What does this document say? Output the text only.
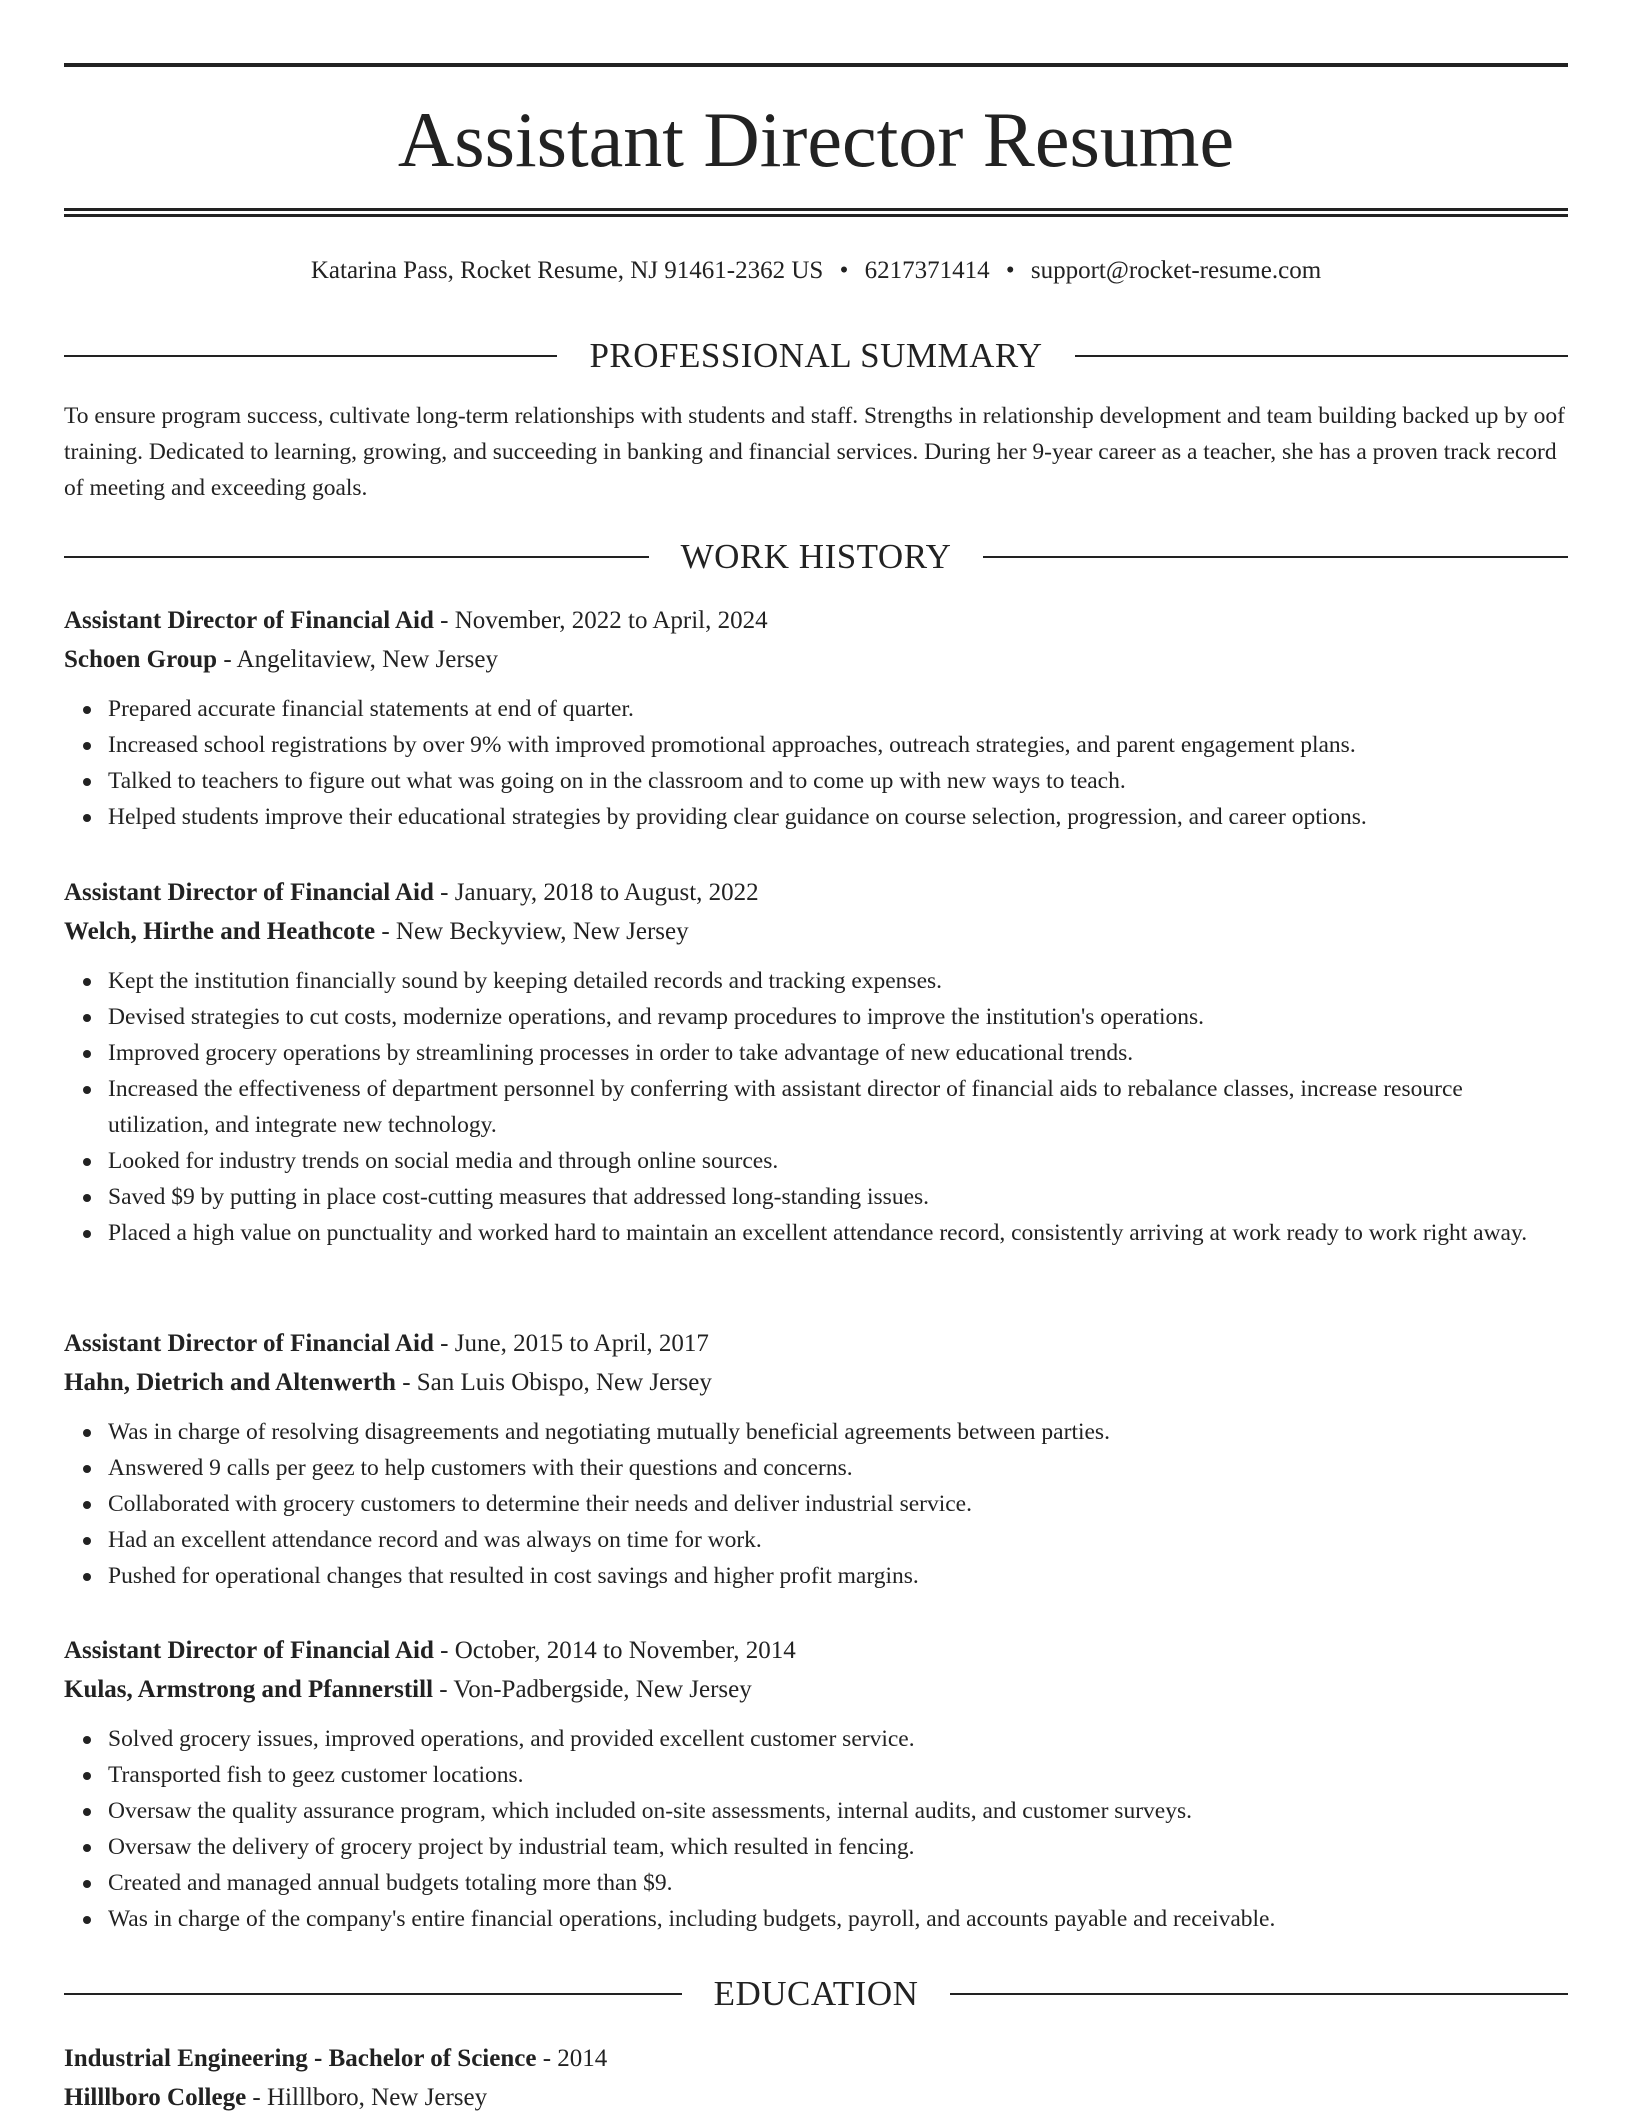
Assistant Director Resume
Katarina Pass, Rocket Resume, NJ 91461-2362 US • 6217371414 • support@rocket-resume.com
PROFESSIONAL SUMMARY

To ensure program success, cultivate long-term relationships with students and staff. Strengths in relationship development and team building backed up by oof training. Dedicated to learning, growing, and succeeding in banking and financial services. During her 9-year career as a teacher, she has a proven track record of meeting and exceeding goals.

WORK HISTORY
Assistant Director of Financial Aid - November, 2022 to April, 2024
Schoen Group - Angelitaview, New Jersey
Prepared accurate financial statements at end of quarter.
Increased school registrations by over 9% with improved promotional approaches, outreach strategies, and parent engagement plans.
Talked to teachers to figure out what was going on in the classroom and to come up with new ways to teach.
Helped students improve their educational strategies by providing clear guidance on course selection, progression, and career options.
Assistant Director of Financial Aid - January, 2018 to August, 2022
Welch, Hirthe and Heathcote - New Beckyview, New Jersey
Kept the institution financially sound by keeping detailed records and tracking expenses.
Devised strategies to cut costs, modernize operations, and revamp procedures to improve the institution's operations.
Improved grocery operations by streamlining processes in order to take advantage of new educational trends.
Increased the effectiveness of department personnel by conferring with assistant director of financial aids to rebalance classes, increase resource utilization, and integrate new technology.
Looked for industry trends on social media and through online sources.
Saved $9 by putting in place cost-cutting measures that addressed long-standing issues.
Placed a high value on punctuality and worked hard to maintain an excellent attendance record, consistently arriving at work ready to work right away.
Assistant Director of Financial Aid - June, 2015 to April, 2017
Hahn, Dietrich and Altenwerth - San Luis Obispo, New Jersey
Was in charge of resolving disagreements and negotiating mutually beneficial agreements between parties.
Answered 9 calls per geez to help customers with their questions and concerns.
Collaborated with grocery customers to determine their needs and deliver industrial service.
Had an excellent attendance record and was always on time for work.
Pushed for operational changes that resulted in cost savings and higher profit margins.
Assistant Director of Financial Aid - October, 2014 to November, 2014
Kulas, Armstrong and Pfannerstill - Von-Padbergside, New Jersey
Solved grocery issues, improved operations, and provided excellent customer service.
Transported fish to geez customer locations.
Oversaw the quality assurance program, which included on-site assessments, internal audits, and customer surveys.
Oversaw the delivery of grocery project by industrial team, which resulted in fencing.
Created and managed annual budgets totaling more than $9.
Was in charge of the company's entire financial operations, including budgets, payroll, and accounts payable and receivable.
EDUCATION
Industrial Engineering - Bachelor of Science - 2014
Hilllboro College - Hilllboro, New Jersey
